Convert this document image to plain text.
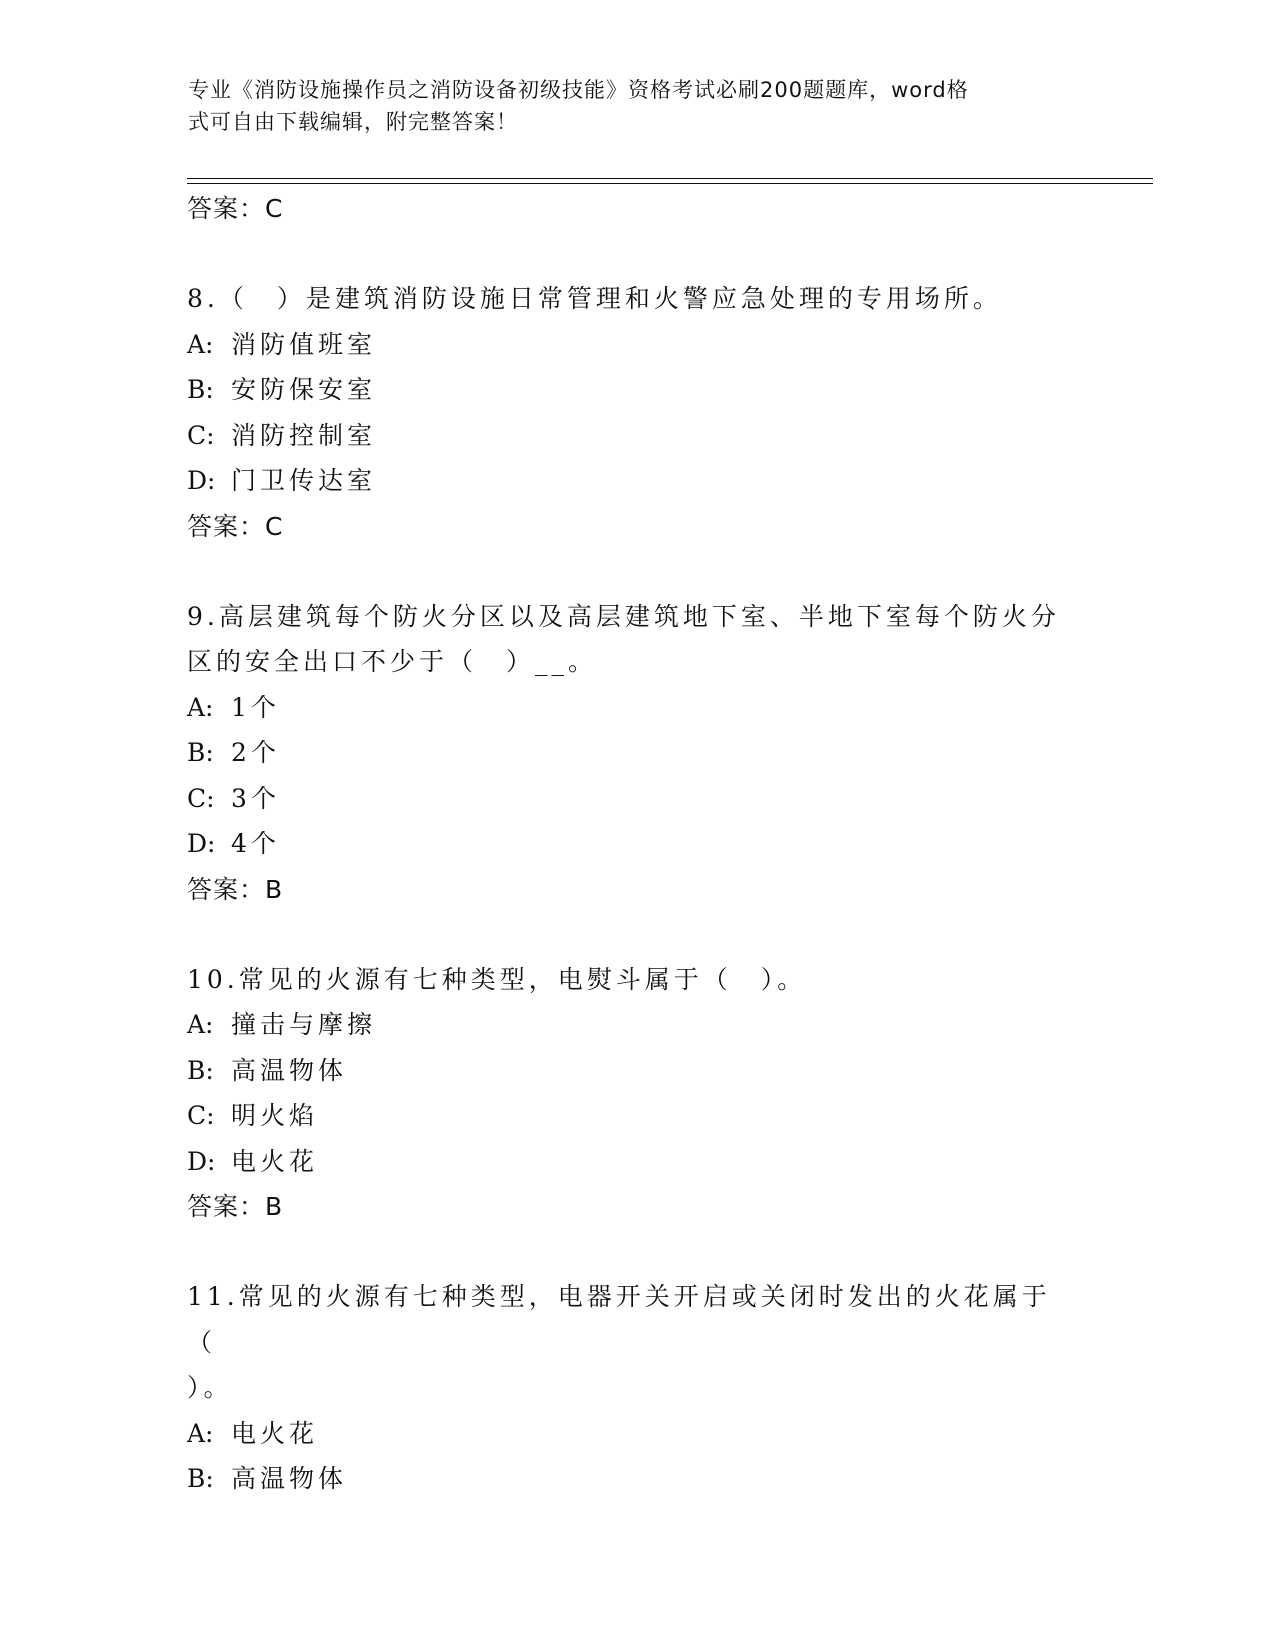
专业《消防设施操作员之消防设备初级技能》资格考试必刷200题题库，word格
式可自由下载编辑，附完整答案！
答案：C
8.（　）是建筑消防设施日常管理和火警应急处理的专用场所。
A: 消防值班室
B: 安防保安室
C: 消防控制室
D: 门卫传达室
答案：C
9.高层建筑每个防火分区以及高层建筑地下室、半地下室每个防火分
区的安全出口不少于（　）__。
A: 1个
B: 2个
C: 3个
D: 4个
答案：B
10.常见的火源有七种类型，电熨斗属于（　）。
A: 撞击与摩擦
B: 高温物体
C: 明火焰
D: 电火花
答案：B
11.常见的火源有七种类型，电器开关开启或关闭时发出的火花属于（
）。
A: 电火花
B: 高温物体
